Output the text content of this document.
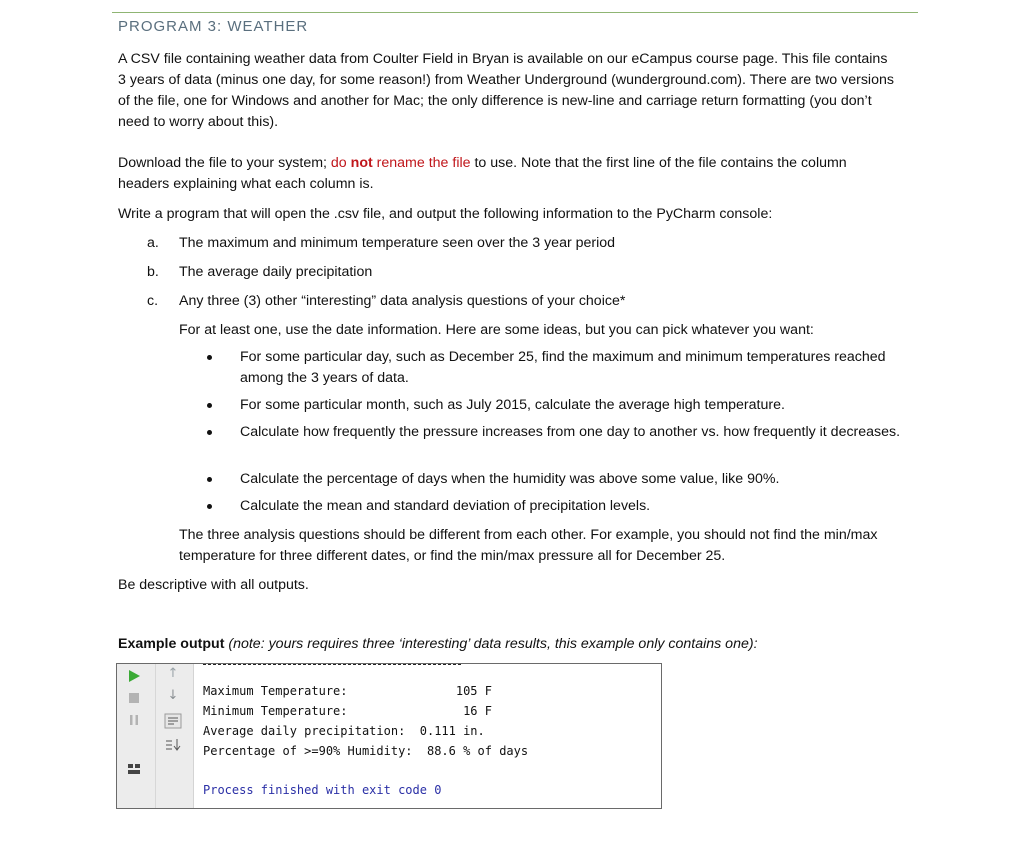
PROGRAM 3: WEATHER
A CSV file containing weather data from Coulter Field in Bryan is available on our eCampus course page. This file contains 3 years of data (minus one day, for some reason!) from Weather Underground (wunderground.com). There are two versions of the file, one for Windows and another for Mac; the only difference is new-line and carriage return formatting (you don’t need to worry about this).
Download the file to your system; do not rename the file to use. Note that the first line of the file contains the column headers explaining what each column is.
Write a program that will open the .csv file, and output the following information to the PyCharm console:
a. The maximum and minimum temperature seen over the 3 year period
b. The average daily precipitation
c. Any three (3) other “interesting” data analysis questions of your choice*
For at least one, use the date information. Here are some ideas, but you can pick whatever you want:
For some particular day, such as December 25, find the maximum and minimum temperatures reached among the 3 years of data.
For some particular month, such as July 2015, calculate the average high temperature.
Calculate how frequently the pressure increases from one day to another vs. how frequently it decreases.
Calculate the percentage of days when the humidity was above some value, like 90%.
Calculate the mean and standard deviation of precipitation levels.
The three analysis questions should be different from each other. For example, you should not find the min/max temperature for three different dates, or find the min/max pressure all for December 25.
Be descriptive with all outputs.
Example output (note: yours requires three ‘interesting’ data results, this example only contains one):
↑
↓ Maximum Temperature:               105 F
Minimum Temperature:                16 F
Average daily precipitation:  0.111 in.
Percentage of >=90% Humidity:  88.6 % of days
Process finished with exit code 0
